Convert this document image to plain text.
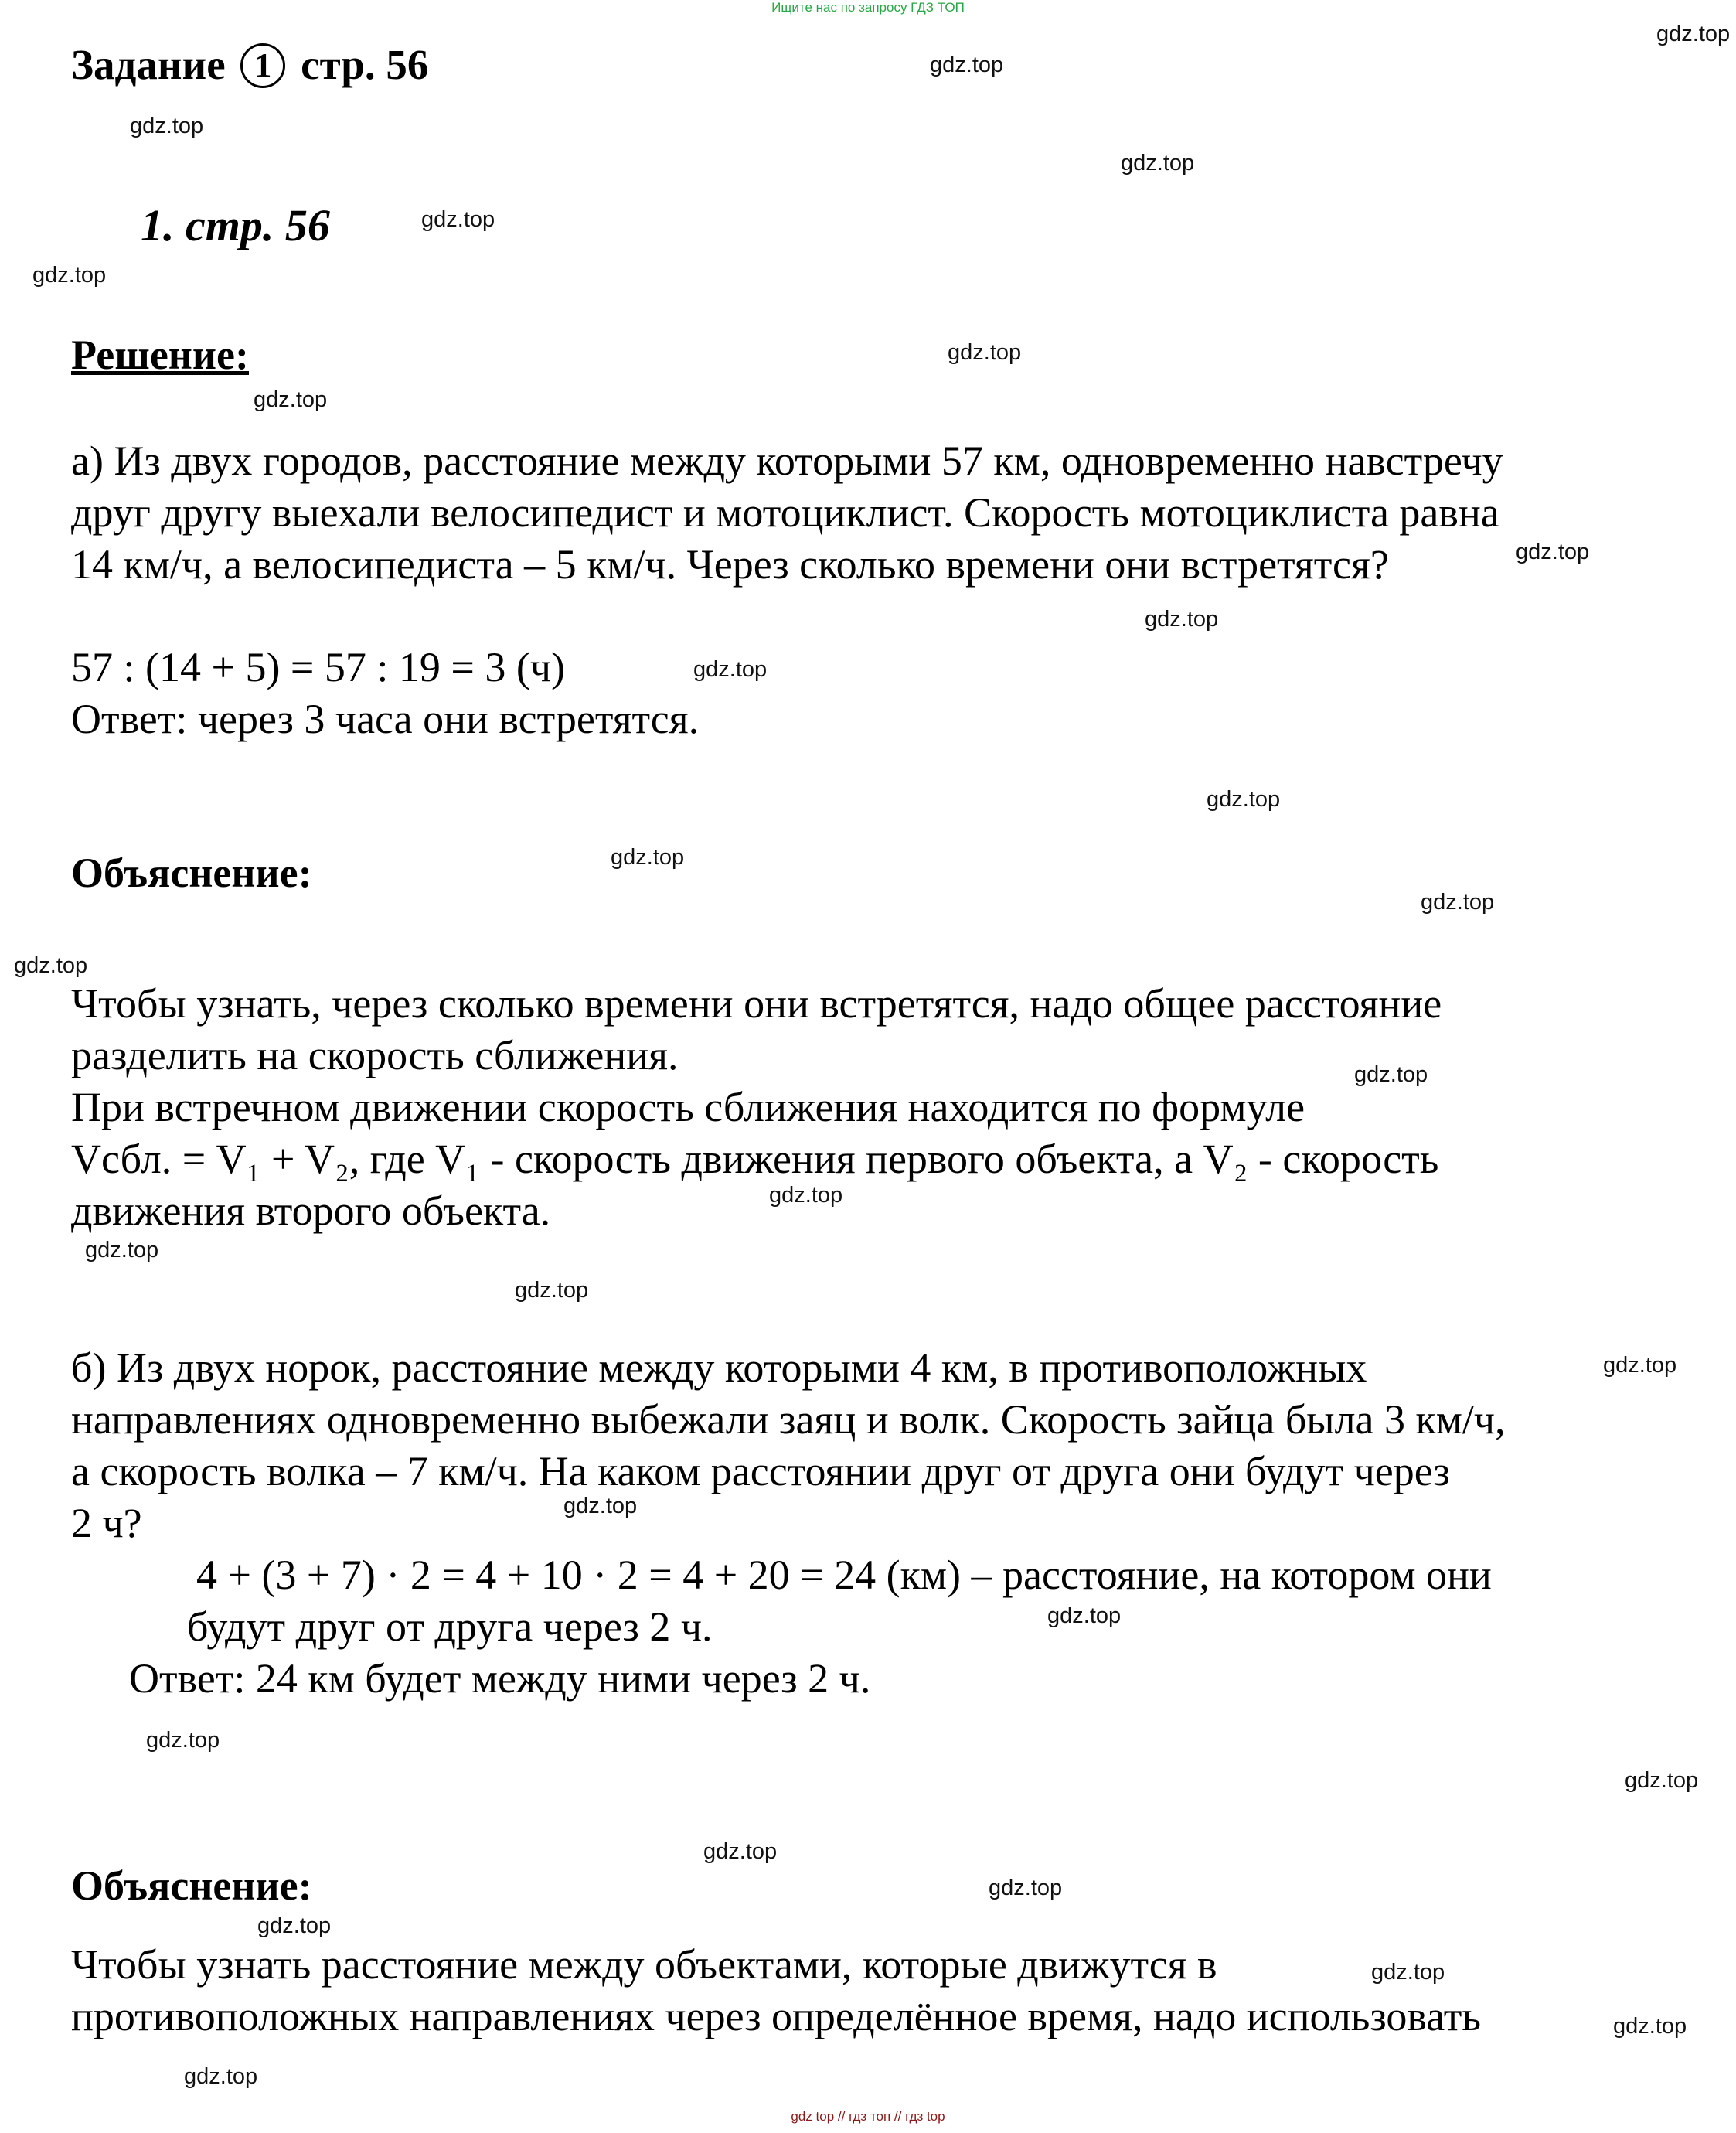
Ищите нас по запросу ГДЗ ТОП
gdz top // гдз топ // гдз top
Задание 1 стр. 56
1. стр. 56
Решение:
а) Из двух городов, расстояние между которыми 57 км, одновременно навстречу
друг другу выехали велосипедист и мотоциклист. Скорость мотоциклиста равна
14 км/ч, а велосипедиста – 5 км/ч. Через сколько времени они встретятся?
57 : (14 + 5) = 57 : 19 = 3 (ч)
Ответ: через 3 часа они встретятся.
Объяснение:
Чтобы узнать, через сколько времени они встретятся, надо общее расстояние
разделить на скорость сближения.
При встречном движении скорость сближения находится по формуле
Vсбл. = V₁ + V₂, где V₁ - скорость движения первого объекта, а V₂ - скорость
движения второго объекта.
б) Из двух норок, расстояние между которыми 4 км, в противоположных
направлениях одновременно выбежали заяц и волк. Скорость зайца была 3 км/ч,
а скорость волка – 7 км/ч. На каком расстоянии друг от друга они будут через
2 ч?
4 + (3 + 7) · 2 = 4 + 10 · 2 = 4 + 20 = 24 (км) – расстояние, на котором они
будут друг от друга через 2 ч.
Ответ: 24 км будет между ними через 2 ч.
Объяснение:
Чтобы узнать расстояние между объектами, которые движутся в
противоположных направлениях через определённое время, надо использовать
gdz.top
gdz.top
gdz.top
gdz.top
gdz.top
gdz.top
gdz.top
gdz.top
gdz.top
gdz.top
gdz.top
gdz.top
gdz.top
gdz.top
gdz.top
gdz.top
gdz.top
gdz.top
gdz.top
gdz.top
gdz.top
gdz.top
gdz.top
gdz.top
gdz.top
gdz.top
gdz.top
gdz.top
gdz.top
gdz.top
